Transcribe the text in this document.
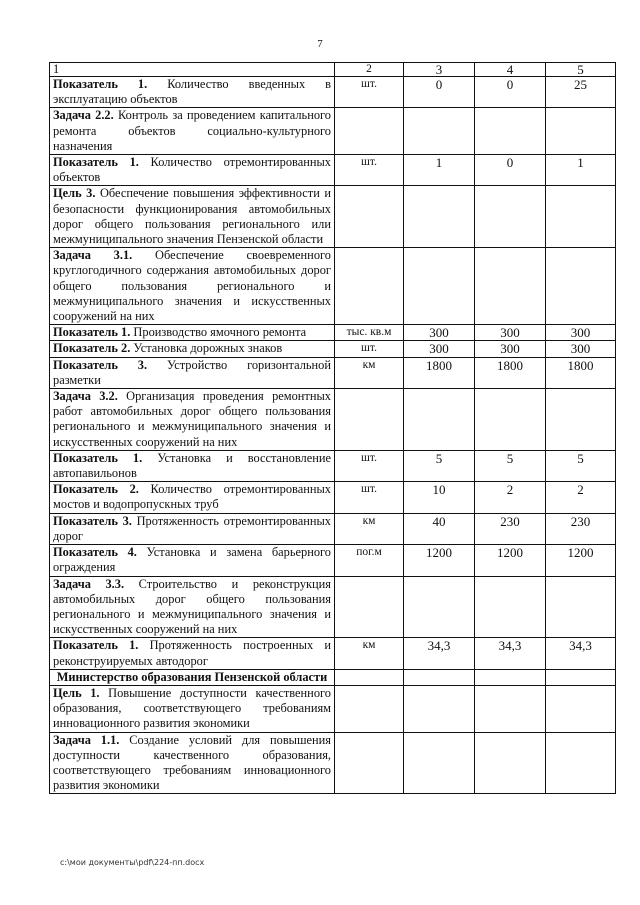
7
1	2	3	4	5
Показатель 1. Количество введенных в эксплуатацию объектов	шт.	0	0	25
Задача 2.2. Контроль за проведением капитального ремонта объектов социально-культурного назначения				
Показатель 1. Количество отремонтированных объектов	шт.	1	0	1
Цель 3. Обеспечение повышения эффективности и безопасности функционирования автомобильных дорог общего пользования регионального или межмуниципального значения Пензенской области				
Задача 3.1. Обеспечение своевременного круглогодичного содержания автомобильных дорог общего пользования регионального и межмуниципального значения и искусственных сооружений на них				
Показатель 1. Производство ямочного ремонта	тыс. кв.м	300	300	300
Показатель 2. Установка дорожных знаков	шт.	300	300	300
Показатель 3. Устройство горизонтальной разметки	км	1800	1800	1800
Задача 3.2. Организация проведения ремонтных работ автомобильных дорог общего пользования регионального и межмуниципального значения и искусственных сооружений на них				
Показатель 1. Установка и восстановление автопавильонов	шт.	5	5	5
Показатель 2. Количество отремонтированных мостов и водопропускных труб	шт.	10	2	2
Показатель 3. Протяженность отремонтированных дорог	км	40	230	230
Показатель 4. Установка и замена барьерного ограждения	пог.м	1200	1200	1200
Задача 3.3. Строительство и реконструкция автомобильных дорог общего пользования регионального и межмуниципального значения и искусственных сооружений на них				
Показатель 1. Протяженность построенных и реконструируемых автодорог	км	34,3	34,3	34,3
Министерство образования Пензенской области				
Цель 1. Повышение доступности качественного образования, соответствующего требованиям инновационного развития экономики				
Задача 1.1. Создание условий для повышения доступности качественного образования, соответствующего требованиям инновационного развития экономики				
c:\мои документы\pdf\224-пп.docx
